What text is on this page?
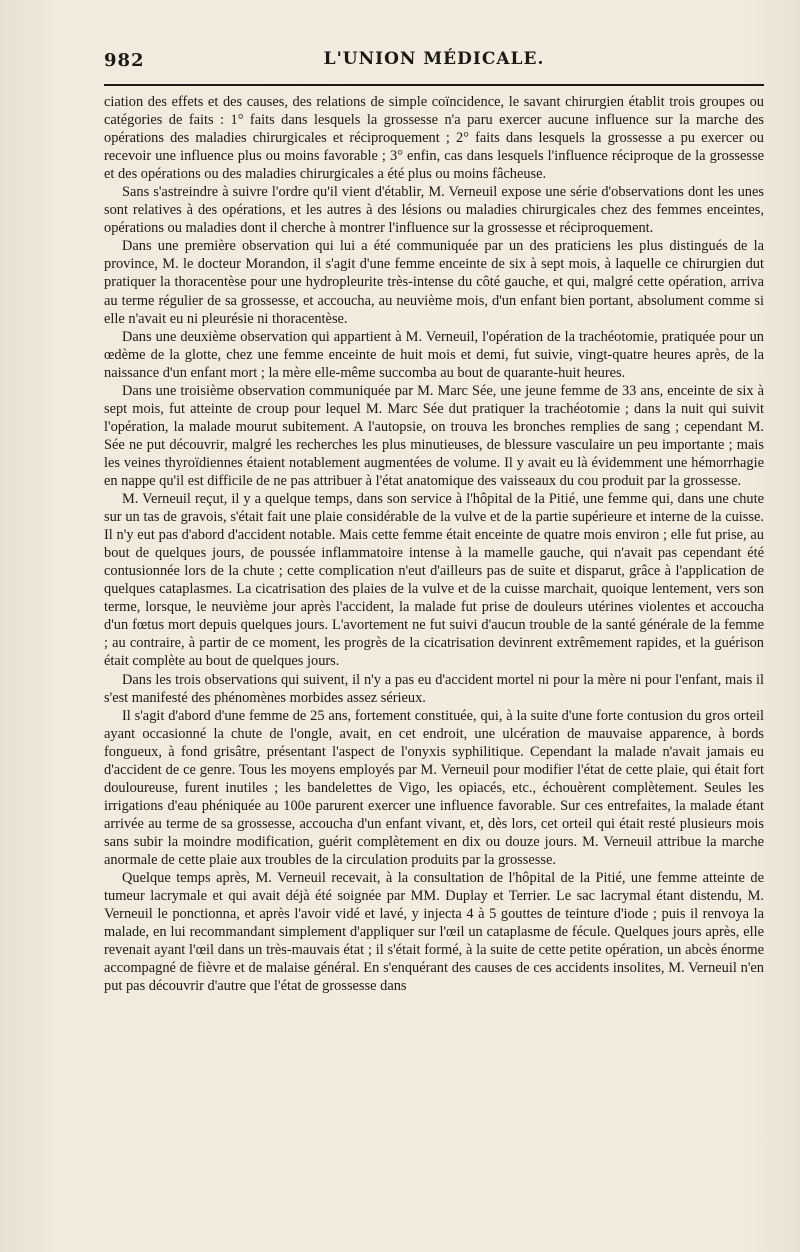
982	L'UNION MÉDICALE.

ciation des effets et des causes, des relations de simple coïncidence, le savant chirurgien établit trois groupes ou catégories de faits : 1° faits dans lesquels la grossesse n'a paru exercer aucune influence sur la marche des opérations des maladies chirurgicales et réciproquement ; 2° faits dans lesquels la grossesse a pu exercer ou recevoir une influence plus ou moins favorable ; 3° enfin, cas dans lesquels l'influence réciproque de la grossesse et des opérations ou des maladies chirurgicales a été plus ou moins fâcheuse.

Sans s'astreindre à suivre l'ordre qu'il vient d'établir, M. Verneuil expose une série d'observations dont les unes sont relatives à des opérations, et les autres à des lésions ou maladies chirurgicales chez des femmes enceintes, opérations ou maladies dont il cherche à montrer l'influence sur la grossesse et réciproquement.

Dans une première observation qui lui a été communiquée par un des praticiens les plus distingués de la province, M. le docteur Morandon, il s'agit d'une femme enceinte de six à sept mois, à laquelle ce chirurgien dut pratiquer la thoracentèse pour une hydropleurite très-intense du côté gauche, et qui, malgré cette opération, arriva au terme régulier de sa grossesse, et accoucha, au neuvième mois, d'un enfant bien portant, absolument comme si elle n'avait eu ni pleurésie ni thoracentèse.

Dans une deuxième observation qui appartient à M. Verneuil, l'opération de la trachéotomie, pratiquée pour un œdème de la glotte, chez une femme enceinte de huit mois et demi, fut suivie, vingt-quatre heures après, de la naissance d'un enfant mort ; la mère elle-même succomba au bout de quarante-huit heures.

Dans une troisième observation communiquée par M. Marc Sée, une jeune femme de 33 ans, enceinte de six à sept mois, fut atteinte de croup pour lequel M. Marc Sée dut pratiquer la trachéotomie ; dans la nuit qui suivit l'opération, la malade mourut subitement. A l'autopsie, on trouva les bronches remplies de sang ; cependant M. Sée ne put découvrir, malgré les recherches les plus minutieuses, de blessure vasculaire un peu importante ; mais les veines thyroïdiennes étaient notablement augmentées de volume. Il y avait eu là évidemment une hémorrhagie en nappe qu'il est difficile de ne pas attribuer à l'état anatomique des vaisseaux du cou produit par la grossesse.

M. Verneuil reçut, il y a quelque temps, dans son service à l'hôpital de la Pitié, une femme qui, dans une chute sur un tas de gravois, s'était fait une plaie considérable de la vulve et de la partie supérieure et interne de la cuisse. Il n'y eut pas d'abord d'accident notable. Mais cette femme était enceinte de quatre mois environ ; elle fut prise, au bout de quelques jours, de poussée inflammatoire intense à la mamelle gauche, qui n'avait pas cependant été contusionnée lors de la chute ; cette complication n'eut d'ailleurs pas de suite et disparut, grâce à l'application de quelques cataplasmes. La cicatrisation des plaies de la vulve et de la cuisse marchait, quoique lentement, vers son terme, lorsque, le neuvième jour après l'accident, la malade fut prise de douleurs utérines violentes et accoucha d'un fœtus mort depuis quelques jours. L'avortement ne fut suivi d'aucun trouble de la santé générale de la femme ; au contraire, à partir de ce moment, les progrès de la cicatrisation devinrent extrêmement rapides, et la guérison était complète au bout de quelques jours.

Dans les trois observations qui suivent, il n'y a pas eu d'accident mortel ni pour la mère ni pour l'enfant, mais il s'est manifesté des phénomènes morbides assez sérieux.

Il s'agit d'abord d'une femme de 25 ans, fortement constituée, qui, à la suite d'une forte contusion du gros orteil ayant occasionné la chute de l'ongle, avait, en cet endroit, une ulcération de mauvaise apparence, à bords fongueux, à fond grisâtre, présentant l'aspect de l'onyxis syphilitique. Cependant la malade n'avait jamais eu d'accident de ce genre. Tous les moyens employés par M. Verneuil pour modifier l'état de cette plaie, qui était fort douloureuse, furent inutiles ; les bandelettes de Vigo, les opiacés, etc., échouèrent complètement. Seules les irrigations d'eau phéniquée au 100e parurent exercer une influence favorable. Sur ces entrefaites, la malade étant arrivée au terme de sa grossesse, accoucha d'un enfant vivant, et, dès lors, cet orteil qui était resté plusieurs mois sans subir la moindre modification, guérit complètement en dix ou douze jours. M. Verneuil attribue la marche anormale de cette plaie aux troubles de la circulation produits par la grossesse.

Quelque temps après, M. Verneuil recevait, à la consultation de l'hôpital de la Pitié, une femme atteinte de tumeur lacrymale et qui avait déjà été soignée par MM. Duplay et Terrier. Le sac lacrymal étant distendu, M. Verneuil le ponctionna, et après l'avoir vidé et lavé, y injecta 4 à 5 gouttes de teinture d'iode ; puis il renvoya la malade, en lui recommandant simplement d'appliquer sur l'œil un cataplasme de fécule. Quelques jours après, elle revenait ayant l'œil dans un très-mauvais état ; il s'était formé, à la suite de cette petite opération, un abcès énorme accompagné de fièvre et de malaise général. En s'enquérant des causes de ces accidents insolites, M. Verneuil n'en put pas découvrir d'autre que l'état de grossesse dans
